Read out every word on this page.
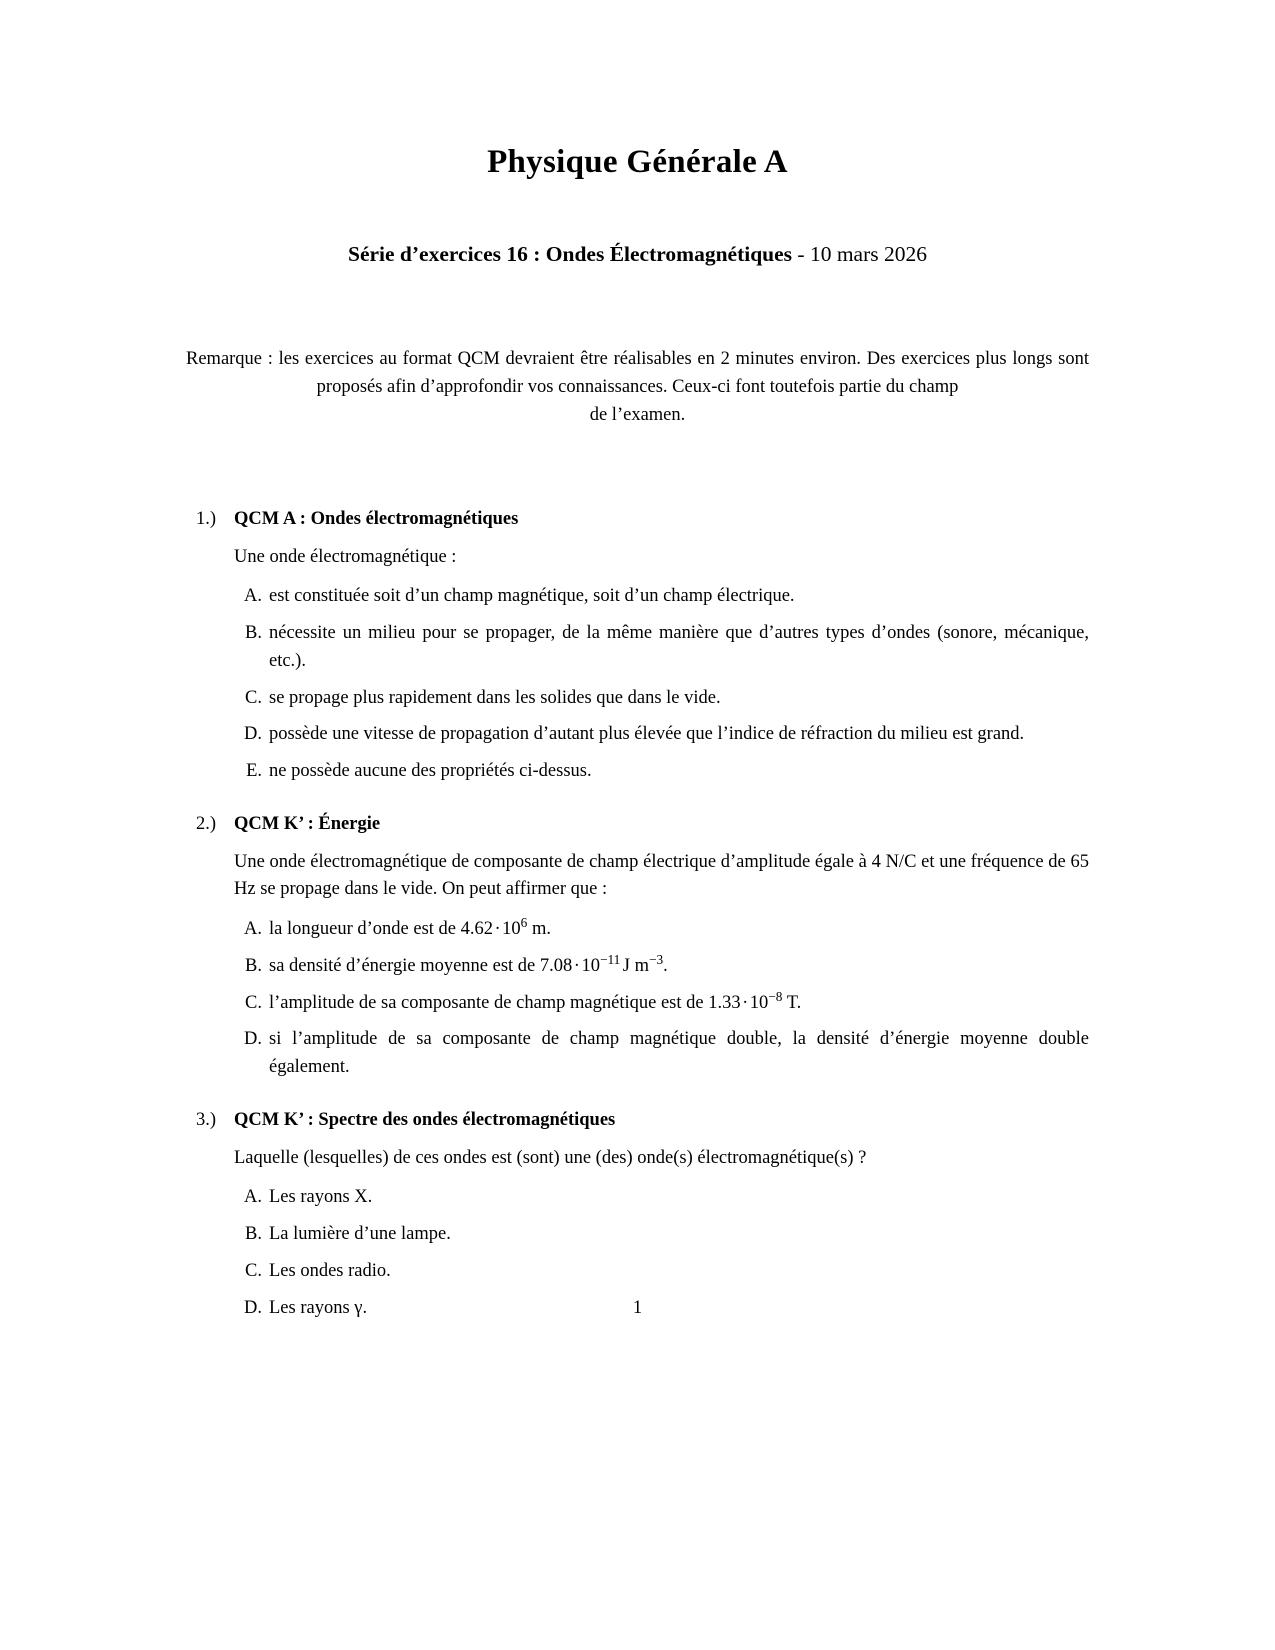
Physique Générale A

Série d’exercices 16 : Ondes Électromagnétiques - 10 mars 2026

Remarque : les exercices au format QCM devraient être réalisables en 2 minutes environ. Des exercices plus longs sont proposés afin d’approfondir vos connaissances. Ceux-ci font toutefois partie du champ
de l’examen.

1.) QCM A : Ondes électromagnétiques
Une onde électromagnétique :
A. est constituée soit d’un champ magnétique, soit d’un champ électrique.
B. nécessite un milieu pour se propager, de la même manière que d’autres types d’ondes (sonore, mécanique, etc.).
C. se propage plus rapidement dans les solides que dans le vide.
D. possède une vitesse de propagation d’autant plus élevée que l’indice de réfraction du milieu est grand.
E. ne possède aucune des propriétés ci-dessus.
2.) QCM K’ : Énergie
Une onde électromagnétique de composante de champ électrique d’amplitude égale à 4 N/C et une fréquence de 65 Hz se propage dans le vide. On peut affirmer que :
A. la longueur d’onde est de $4.62\cdot 10^6$ m.
B. sa densité d’énergie moyenne est de $7.08\cdot 10^{-11}$ J $m^{-3}$.
C. l’amplitude de sa composante de champ magnétique est de $1.33\cdot 10^{-8}$ T.
D. si l’amplitude de sa composante de champ magnétique double, la densité d’énergie moyenne double également.
3.) QCM K’ : Spectre des ondes électromagnétiques
Laquelle (lesquelles) de ces ondes est (sont) une (des) onde(s) électromagnétique(s) ?
A. Les rayons X.
B. La lumière d’une lampe.
C. Les ondes radio.
D. Les rayons γ.	1
